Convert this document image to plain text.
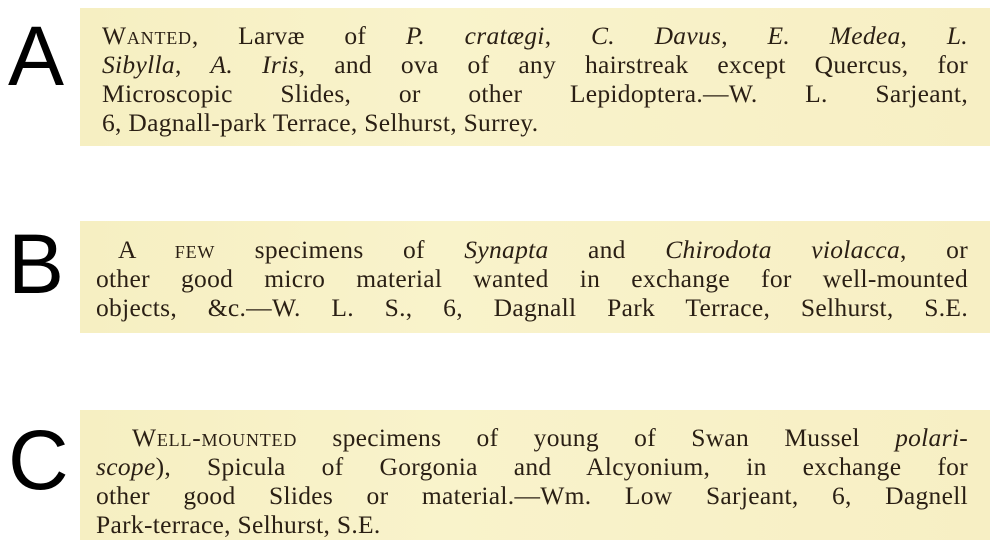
A Wanted, Larvæ of P. cratægi, C. Davus, E. Medea, L.
Sibylla, A. Iris, and ova of any hairstreak except Quercus, for
Microscopic Slides, or other Lepidoptera.—W. L. Sarjeant,
6, Dagnall-park Terrace, Selhurst, Surrey.
B	A few specimens of Synapta and Chirodota violacca, or
other good micro material wanted in exchange for well-mounted
objects, &c.—W. L. S., 6, Dagnall Park Terrace, Selhurst, S.E.
C	Well-mounted specimens of young of Swan Mussel polari-
scope), Spicula of Gorgonia and Alcyonium, in exchange for
other good Slides or material.—Wm. Low Sarjeant, 6, Dagnell
Park-terrace, Selhurst, S.E.
